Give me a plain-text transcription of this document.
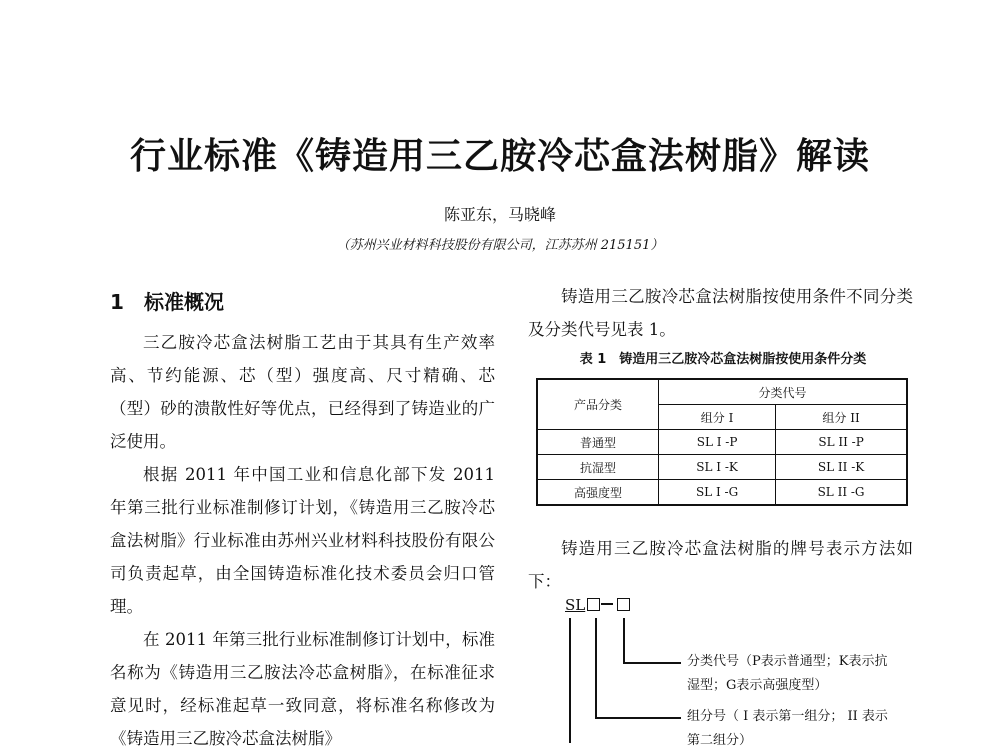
行业标准《铸造用三乙胺冷芯盒法树脂》解读
陈亚东，马晓峰
（苏州兴业材料科技股份有限公司，江苏苏州 215151）
1 标准概况

三乙胺冷芯盒法树脂工艺由于其具有生产效率高、节约能源、芯（型）强度高、尺寸精确、芯（型）砂的溃散性好等优点，已经得到了铸造业的广泛使用。

根据 2011 年中国工业和信息化部下发 2011 年第三批行业标准制修订计划，《铸造用三乙胺冷芯盒法树脂》行业标准由苏州兴业材料科技股份有限公司负责起草，由全国铸造标准化技术委员会归口管理。

在 2011 年第三批行业标准制修订计划中，标准名称为《铸造用三乙胺法冷芯盒树脂》，在标准征求意见时，经标准起草一致同意，将标准名称修改为《铸造用三乙胺冷芯盒法树脂》

铸造用三乙胺冷芯盒法树脂按使用条件不同分类及分类代号见表 1。

表 1　铸造用三乙胺冷芯盒法树脂按使用条件分类
产品分类	分类代号	
	组分 I	组分 II
普通型	SL I -P	SL II -P
抗湿型	SL I -K	SL II -K
高强度型	SL I -G	SL II -G

铸造用三乙胺冷芯盒法树脂的牌号表示方法如下：

SL
分类代号（P表示普通型；K表示抗
湿型；G表示高强度型）
组分号（ I 表示第一组分； II 表示
第二组分）
